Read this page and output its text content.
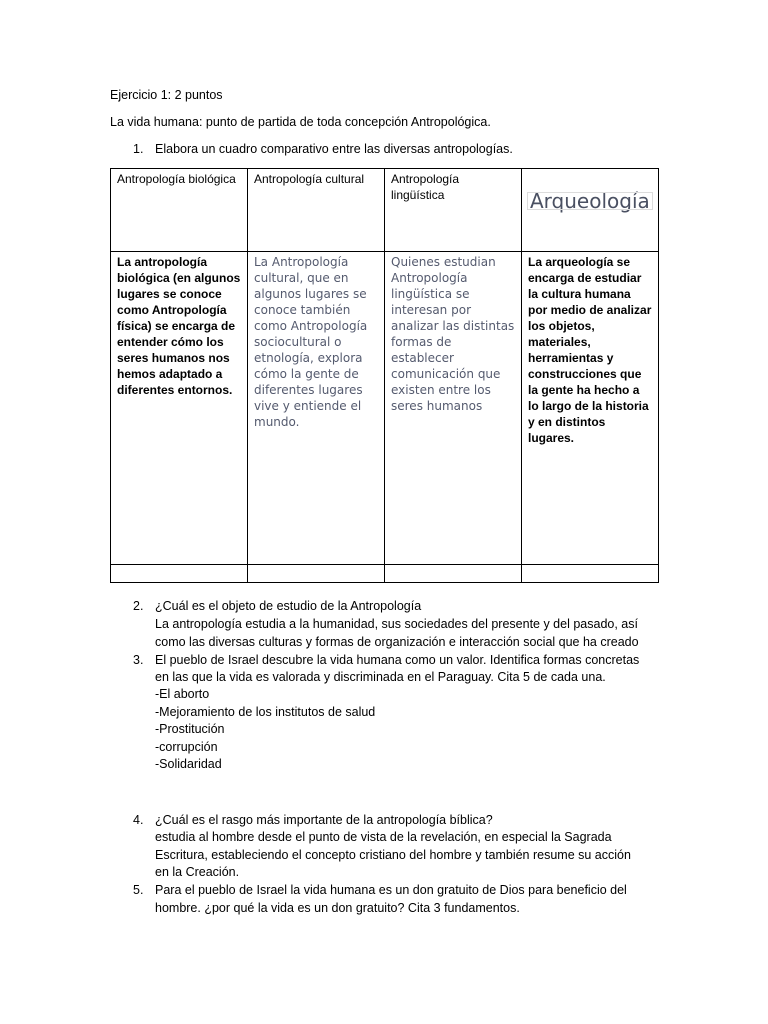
Ejercicio 1: 2 puntos
La vida humana: punto de partida de toda concepción Antropológica.
1. Elabora un cuadro comparativo entre las diversas antropologías.
Antropología biológica	Antropología cultural	Antropología lingüística	Arqueología
La antropología biológica (en algunos lugares se conoce como Antropología física) se encarga de entender cómo los seres humanos nos hemos adaptado a diferentes entornos.	La Antropología cultural, que en algunos lugares se conoce también como Antropología sociocultural o etnología, explora cómo la gente de diferentes lugares vive y entiende el mundo.	Quienes estudian Antropología lingüística se interesan por analizar las distintas formas de establecer comunicación que existen entre los seres humanos	La arqueología se encarga de estudiar la cultura humana por medio de analizar los objetos, materiales, herramientas y construcciones que la gente ha hecho a lo largo de la historia y en distintos lugares.

2. ¿Cuál es el objeto de estudio de la Antropología
La antropología estudia a la humanidad, sus sociedades del presente y del pasado, así
como las diversas culturas y formas de organización e interacción social que ha creado
3. El pueblo de Israel descubre la vida humana como un valor. Identifica formas concretas
en las que la vida es valorada y discriminada en el Paraguay. Cita 5 de cada una.
-El aborto
-Mejoramiento de los institutos de salud
-Prostitución
-corrupción
-Solidaridad
4. ¿Cuál es el rasgo más importante de la antropología bíblica?
estudia al hombre desde el punto de vista de la revelación, en especial la Sagrada
Escritura, estableciendo el concepto cristiano del hombre y también resume su acción
en la Creación.
5. Para el pueblo de Israel la vida humana es un don gratuito de Dios para beneficio del
hombre. ¿por qué la vida es un don gratuito? Cita 3 fundamentos.
